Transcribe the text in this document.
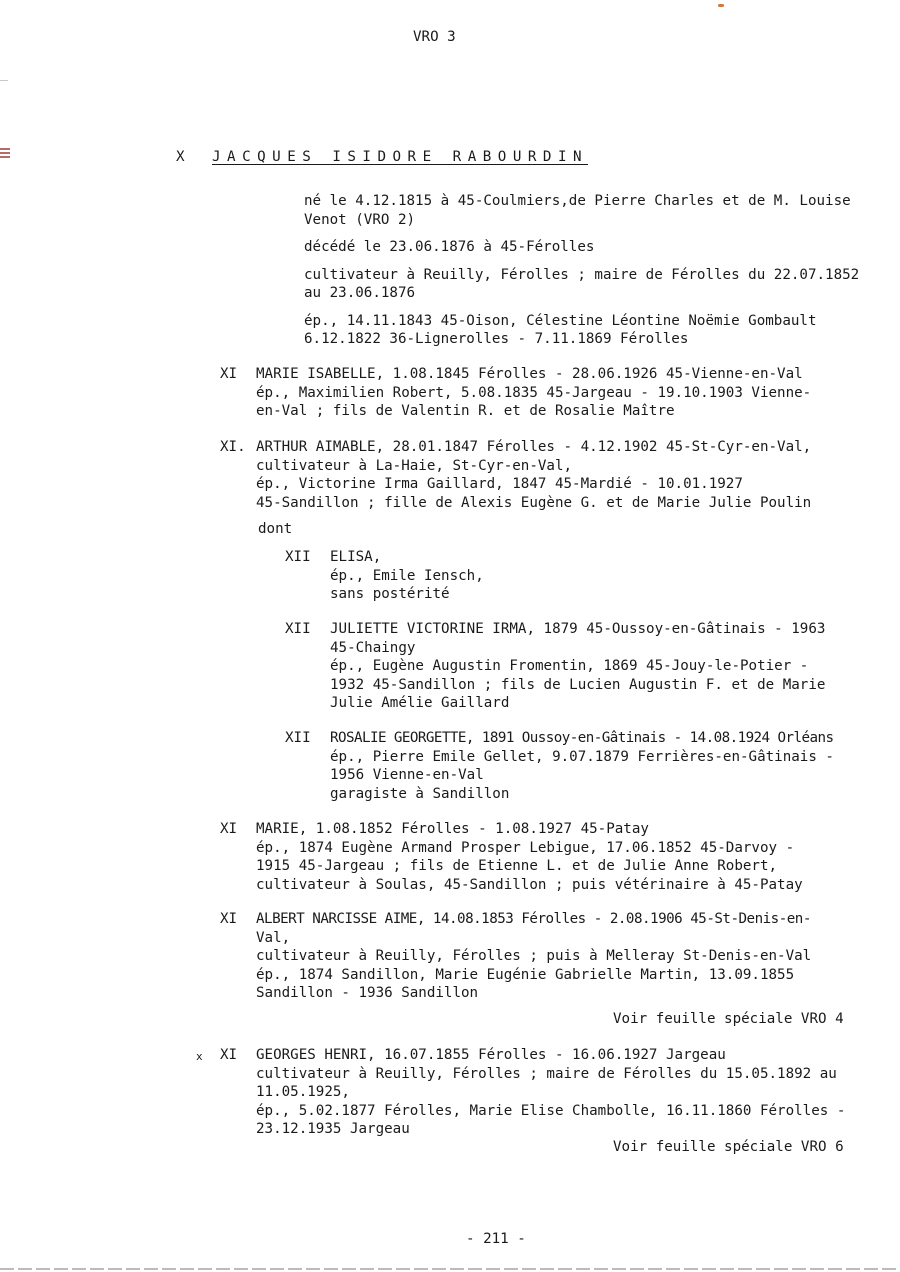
VRO 3
X JACQUES ISIDORE RABOURDIN
né le 4.12.1815 à 45-Coulmiers,de Pierre Charles et de M. Louise
Venot (VRO 2)
décédé le 23.06.1876 à 45-Férolles
cultivateur à Reuilly, Férolles ; maire de Férolles du 22.07.1852
au 23.06.1876
ép., 14.11.1843 45-Oison, Célestine Léontine Noëmie Gombault
6.12.1822 36-Lignerolles - 7.11.1869 Férolles
XI MARIE ISABELLE, 1.08.1845 Férolles - 28.06.1926 45-Vienne-en-Val
ép., Maximilien Robert, 5.08.1835 45-Jargeau - 19.10.1903 Vienne-
en-Val ; fils de Valentin R. et de Rosalie Maître
XI. ARTHUR AIMABLE, 28.01.1847 Férolles - 4.12.1902 45-St-Cyr-en-Val,
cultivateur à La-Haie, St-Cyr-en-Val,
ép., Victorine Irma Gaillard, 1847 45-Mardié - 10.01.1927
45-Sandillon ; fille de Alexis Eugène G. et de Marie Julie Poulin
dont
XII ELISA,
ép., Emile Iensch,
sans postérité
XII JULIETTE VICTORINE IRMA, 1879 45-Oussoy-en-Gâtinais - 1963
45-Chaingy
ép., Eugène Augustin Fromentin, 1869 45-Jouy-le-Potier -
1932 45-Sandillon ; fils de Lucien Augustin F. et de Marie
Julie Amélie Gaillard
XII ROSALIE GEORGETTE, 1891 Oussoy-en-Gâtinais - 14.08.1924 Orléans
ép., Pierre Emile Gellet, 9.07.1879 Ferrières-en-Gâtinais -
1956 Vienne-en-Val
garagiste à Sandillon
XI MARIE, 1.08.1852 Férolles - 1.08.1927 45-Patay
ép., 1874 Eugène Armand Prosper Lebigue, 17.06.1852 45-Darvoy -
1915 45-Jargeau ; fils de Etienne L. et de Julie Anne Robert,
cultivateur à Soulas, 45-Sandillon ; puis vétérinaire à 45-Patay
XI ALBERT NARCISSE AIME, 14.08.1853 Férolles - 2.08.1906 45-St-Denis-en-
Val,
cultivateur à Reuilly, Férolles ; puis à Melleray St-Denis-en-Val
ép., 1874 Sandillon, Marie Eugénie Gabrielle Martin, 13.09.1855
Sandillon - 1936 Sandillon
Voir feuille spéciale VRO 4
x XI GEORGES HENRI, 16.07.1855 Férolles - 16.06.1927 Jargeau
cultivateur à Reuilly, Férolles ; maire de Férolles du 15.05.1892 au
11.05.1925,
ép., 5.02.1877 Férolles, Marie Elise Chambolle, 16.11.1860 Férolles -
23.12.1935 Jargeau
Voir feuille spéciale VRO 6
- 211 -
